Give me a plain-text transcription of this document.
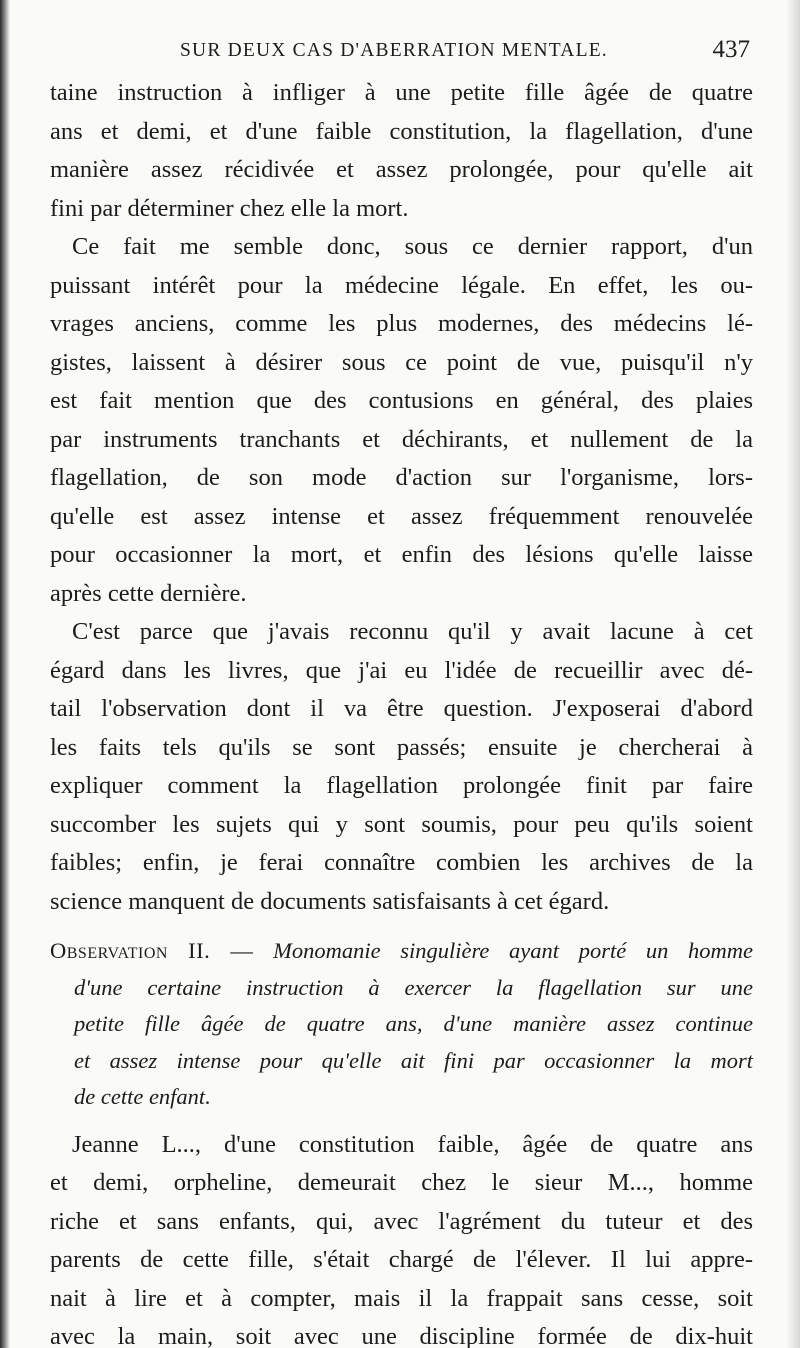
SUR DEUX CAS D'ABERRATION MENTALE.	437
taine instruction à infliger à une petite fille âgée de quatre
ans et demi, et d'une faible constitution, la flagellation, d'une
manière assez récidivée et assez prolongée, pour qu'elle ait
fini par déterminer chez elle la mort.
Ce fait me semble donc, sous ce dernier rapport, d'un
puissant intérêt pour la médecine légale. En effet, les ou-
vrages anciens, comme les plus modernes, des médecins lé-
gistes, laissent à désirer sous ce point de vue, puisqu'il n'y
est fait mention que des contusions en général, des plaies
par instruments tranchants et déchirants, et nullement de la
flagellation, de son mode d'action sur l'organisme, lors-
qu'elle est assez intense et assez fréquemment renouvelée
pour occasionner la mort, et enfin des lésions qu'elle laisse
après cette dernière.
C'est parce que j'avais reconnu qu'il y avait lacune à cet
égard dans les livres, que j'ai eu l'idée de recueillir avec dé-
tail l'observation dont il va être question. J'exposerai d'abord
les faits tels qu'ils se sont passés; ensuite je chercherai à
expliquer comment la flagellation prolongée finit par faire
succomber les sujets qui y sont soumis, pour peu qu'ils soient
faibles; enfin, je ferai connaître combien les archives de la
science manquent de documents satisfaisants à cet égard.
Observation II. — Monomanie singulière ayant porté un homme
d'une certaine instruction à exercer la flagellation sur une
petite fille âgée de quatre ans, d'une manière assez continue
et assez intense pour qu'elle ait fini par occasionner la mort
de cette enfant.
Jeanne L..., d'une constitution faible, âgée de quatre ans
et demi, orpheline, demeurait chez le sieur M..., homme
riche et sans enfants, qui, avec l'agrément du tuteur et des
parents de cette fille, s'était chargé de l'élever. Il lui appre-
nait à lire et à compter, mais il la frappait sans cesse, soit
avec la main, soit avec une discipline formée de dix-huit
